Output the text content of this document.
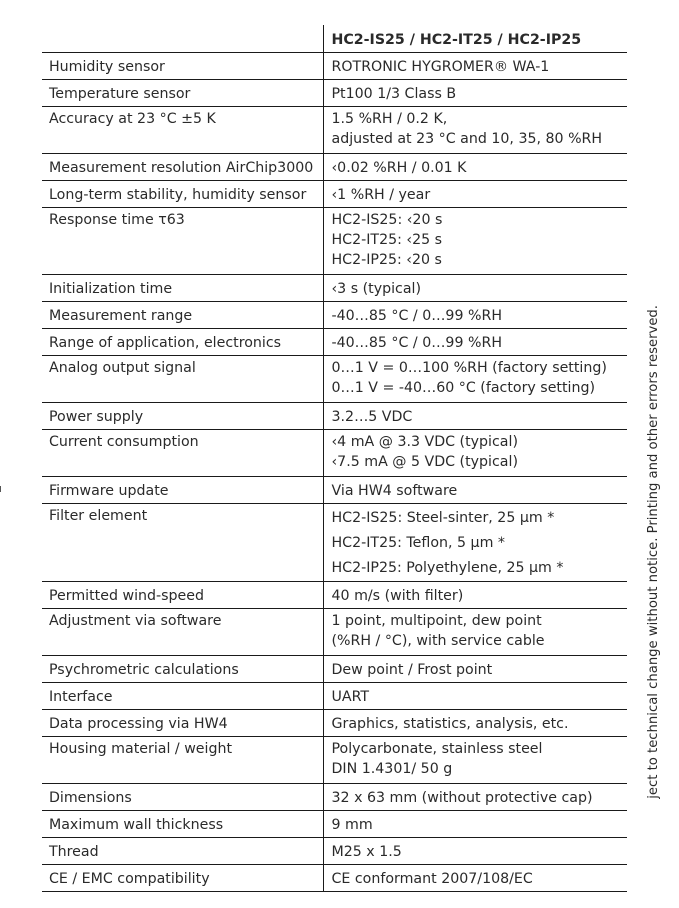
	HC2-IS25 / HC2-IT25 / HC2-IP25
Humidity sensor	ROTRONIC HYGROMER® WA-1

Temperature sensor	Pt100 1/3 Class B

Accuracy at 23 °C ±5 K	1.5 %RH / 0.2 K,
adjusted at 23 °C and 10, 35, 80 %RH

Measurement resolution AirChip3000	‹0.02 %RH / 0.01 K

Long-term stability, humidity sensor	‹1 %RH / year

Response time τ63	HC2-IS25: ‹20 s
HC2-IT25: ‹25 s
HC2-IP25: ‹20 s

Initialization time	‹3 s (typical)

Measurement range	-40…85 °C / 0…99 %RH

Range of application, electronics	-40…85 °C / 0…99 %RH

Analog output signal	0…1 V = 0…100 %RH (factory setting)
0…1 V = -40…60 °C (factory setting)

Power supply	3.2…5 VDC

Current consumption	‹4 mA @ 3.3 VDC (typical)
‹7.5 mA @ 5 VDC (typical)

Firmware update	Via HW4 software

Filter element	HC2-IS25: Steel-sinter, 25 µm *
HC2-IT25: Teflon, 5 µm *
HC2-IP25: Polyethylene, 25 µm *

Permitted wind-speed	40 m/s (with filter)

Adjustment via software	1 point, multipoint, dew point
(%RH / °C), with service cable

Psychrometric calculations	Dew point / Frost point

Interface	UART

Data processing via HW4	Graphics, statistics, analysis, etc.

Housing material / weight	Polycarbonate, stainless steel
DIN 1.4301/ 50 g

Dimensions	32 x 63 mm (without protective cap)

Maximum wall thickness	9 mm

Thread	M25 x 1.5

CE / EMC compatibility	CE conformant 2007/108/EC
ject to technical change without notice. Printing and other errors reserved.
